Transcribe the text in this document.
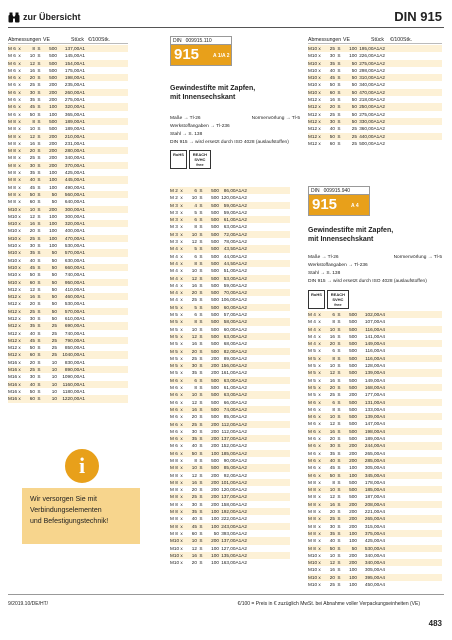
zur Übersicht	DIN 915
Abmessungen VE	Stück €/100Stk.
M 6 x	8 S	500	137,00A1
M 6 x	10 S	500	145,00A1
M 6 x	12 S	500	154,00A1
M 6 x	16 S	500	175,00A1
M 6 x	20 S	500	198,00A1
M 6 x	25 S	200	235,00A1
M 6 x	30 S	200	260,00A1
M 6 x	35 S	200	275,00A1
M 6 x	45 S	100	320,00A1
M 6 x	50 S	100	365,00A1
M 8 x	8 S	500	189,00A1
M 8 x	10 S	500	189,00A1
M 8 x	12 S	200	210,00A1
M 8 x	16 S	200	231,00A1
M 8 x	20 S	200	280,00A1
M 8 x	25 S	200	340,00A1
M 8 x	30 S	200	370,00A1
M 8 x	35 S	100	425,00A1
M 8 x	40 S	100	445,00A1
M 8 x	45 S	100	490,00A1
M 8 x	50 S	50	560,00A1
M 8 x	60 S	50	640,00A1
M10 x	10 S	200	300,00A1
M10 x	12 S	100	300,00A1
M10 x	16 S	100	320,00A1
M10 x	20 S	100	400,00A1
M10 x	25 S	100	470,00A1
M10 x	30 S	100	530,00A1
M10 x	35 S	50	570,00A1
M10 x	40 S	50	630,00A1
M10 x	45 S	50	660,00A1
M10 x	50 S	50	740,00A1
M10 x	60 S	50	950,00A1
M12 x	12 S	50	410,00A1
M12 x	16 S	50	460,00A1
M12 x	20 S	50	530,00A1
M12 x	25 S	50	570,00A1
M12 x	30 S	50	610,00A1
M12 x	35 S	25	690,00A1
M12 x	40 S	25	740,00A1
M12 x	45 S	25	790,00A1
M12 x	50 S	25	850,00A1
M12 x	60 S	25	1040,00A1
M16 x	20 S	10	830,00A1
M16 x	25 S	10	890,00A1
M16 x	30 S	10	1090,00A1
M16 x	40 S	10	1160,00A1
M16 x	50 S	10	1180,00A1
M16 x	60 S	10	1220,00A1
i
Wir versorgen Sie mit
Verbindungselementen
und Befestigungstechnik!
DIN 009915.110
915	A 1/A 2
Gewindestifte mit Zapfen,
mit Innensechskant
Maße → Tl-26	Normenvörlung → Tl-5
Werkstoffangaben → Tl-236
Stahl → S. 138
DIN 915 → wird ersetzt durch ISO 4028 (auslaufstoffen)
RoHS	REACH SVHC free
M 2 x	6 S	500	86,00A1A2
M 2 x	10 S	500 120,00A1A2
M 3 x	4 S	500	59,00A1A2
M 3 x	5 S	500	59,00A1A2
M 3 x	6 S	500	61,00A1A2
M 3 x	8 S	500	63,00A1A2
M 3 x	10 S	500	72,00A1A2
M 3 x	12 S	500	78,00A1A2
M 4 x	5 S	500	43,50A1A2
M 4 x	6 S	500	44,00A1A2
M 4 x	8 S	500	44,50A1A2
M 4 x	10 S	500	51,00A1A2
M 4 x	12 S	500	53,00A1A2
M 4 x	16 S	500	59,00A1A2
M 4 x	20 S	500	70,00A1A2
M 4 x	25 S	500 106,00A1A2
M 5 x	5 S	500	60,00A1A2
M 5 x	6 S	500	57,00A1A2
M 5 x	8 S	500	58,00A1A2
M 5 x	10 S	500	60,00A1A2
M 5 x	12 S	500	63,00A1A2
M 5 x	16 S	500	68,00A1A2
M 5 x	20 S	500	82,00A1A2
M 5 x	25 S	200	89,00A1A2
M 5 x	30 S	200 156,00A1A2
M 5 x	35 S	200 161,00A1A2
M 6 x	6 S	500	63,00A1A2
M 6 x	8 S	500	61,00A1A2
M 6 x	10 S	500	63,00A1A2
M 6 x	12 S	500	66,00A1A2
M 6 x	16 S	500	74,00A1A2
M 6 x	20 S	500	85,00A1A2
M 6 x	25 S	200 112,00A1A2
M 6 x	30 S	200 112,00A1A2
M 6 x	35 S	200 137,00A1A2
M 6 x	40 S	200 152,00A1A2
M 6 x	50 S	100 185,00A1A2
M 8 x	8 S	500	90,00A1A2
M 8 x	10 S	500	85,00A1A2
M 8 x	12 S	200	92,00A1A2
M 8 x	16 S	200 101,00A1A2
M 8 x	20 S	200 120,00A1A2
M 8 x	25 S	200 137,00A1A2
M 8 x	30 S	200 158,00A1A2
M 8 x	35 S	100 192,00A1A2
M 8 x	40 S	100 222,00A1A2
M 8 x	45 S	100 243,00A1A2
M 8 x	60 S	50 393,00A1A2
M10 x	10 S	200 137,00A1A2
M10 x	12 S	100 127,00A1A2
M10 x	16 S	100 135,00A1A2
M10 x	20 S	100 163,00A1A2
Abmessungen VE	Stück	€/100Stk.
M10 x	25 S	100 195,00A1A2
M10 x	30 S	100 226,00A1A2
M10 x	35 S	50 275,00A1A2
M10 x	40 S	50 298,00A1A2
M10 x	45 S	50 310,00A1A2
M10 x	50 S	50 340,00A1A2
M10 x	60 S	50 470,00A1A2
M12 x	16 S	50 218,00A1A2
M12 x	20 S	50 250,00A1A2
M12 x	25 S	50 275,00A1A2
M12 x	30 S	50 330,00A1A2
M12 x	40 S	25 360,00A1A2
M12 x	50 S	25 440,00A1A2
M12 x	60 S	25 500,00A1A2
DIN 009915.940
915	A 4
Gewindestifte mit Zapfen,
mit Innensechskant
Maße → Tl-26	Normenvörlung → Tl-5
Werkstoffangaben → Tl-236
Stahl → S. 138
DIN 915 → wird ersetzt durch ISO 4028 (auslaufstoffen)
RoHS	REACH SVHC free
M 4 x	6 S	500	102,00A4
M 4 x	8 S	500	107,00A4
M 4 x	10 S	500	116,00A4
M 4 x	16 S	500	141,00A4
M 4 x	20 S	500	149,00A4
M 5 x	6 S	500	116,00A4
M 5 x	8 S	500	116,00A4
M 5 x	10 S	500	128,00A4
M 5 x	12 S	500	139,00A4
M 5 x	16 S	500	149,00A4
M 5 x	20 S	500	168,00A4
M 5 x	25 S	200	177,00A4
M 6 x	6 S	500	131,00A4
M 6 x	8 S	500	133,00A4
M 6 x	10 S	500	139,00A4
M 6 x	12 S	500	147,00A4
M 6 x	16 S	500	198,00A4
M 6 x	20 S	500	189,00A4
M 6 x	30 S	200	244,00A4
M 6 x	35 S	200	265,00A4
M 6 x	40 S	200	285,00A4
M 6 x	45 S	100	305,00A4
M 6 x	50 S	100	345,00A4
M 8 x	8 S	500	178,00A4
M 8 x	10 S	500	185,00A4
M 8 x	12 S	500	187,00A4
M 8 x	16 S	200	208,00A4
M 8 x	20 S	200	221,00A4
M 8 x	25 S	200	265,00A4
M 8 x	30 S	200	315,00A4
M 8 x	35 S	100	375,00A4
M 8 x	40 S	100	425,00A4
M 8 x	50 S	50	530,00A4
M10 x	10 S	200	340,00A4
M10 x	12 S	200	340,00A4
M10 x	16 S	100	305,00A4
M10 x	20 S	100	395,00A4
M10 x	25 S	100	450,00A4
9/2019.10/DE/HT/	€/100 = Preis in € zuzüglich MwSt. bei Abnahme voller Verpackungseinheiten (VE)
483
